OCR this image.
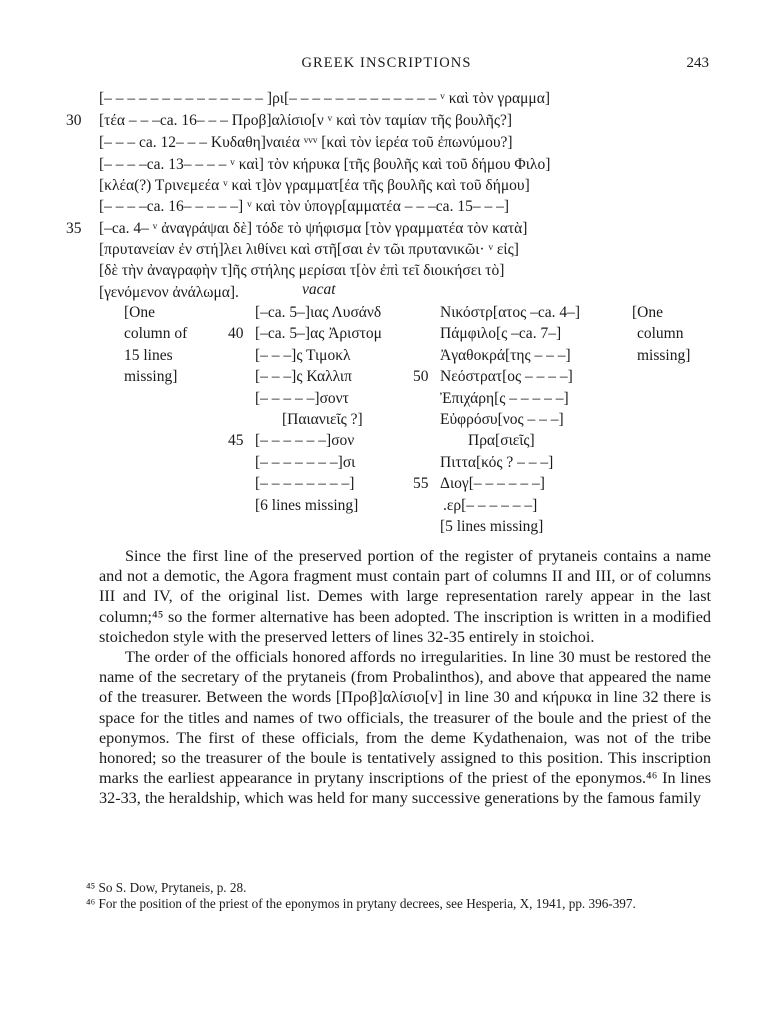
GREEK INSCRIPTIONS	243
[– – – – – – – – – – – – – – ]ρι[– – – – – – – – – – – – – ᵛ καὶ τὸν γραμμα]
30 [τέα – – –ca. 16– – – Προβ]αλίσιο[ν ᵛ καὶ τὸν ταμίαν τῆς βουλῆς?]
[– – – ca. 12– – – Κυδαθη]ναιέα ᵛᵛᵛ [καὶ τὸν ἱερέα τοῦ ἐπωνύμου?]
[– – – –ca. 13– – – – ᵛ καὶ] τὸν κήρυκα [τῆς βουλῆς καὶ τοῦ δήμου Φιλο]
[κλέα(?) Τρινεμεέα ᵛ καὶ τ]ὸν γραμματ[έα τῆς βουλῆς καὶ τοῦ δήμου]
[– – – –ca. 16– – – – –] ᵛ καὶ τὸν ὑπογρ[αμματέα – – –ca. 15– – –]
35 [–ca. 4– ᵛ ἀναγράψαι δὲ] τόδε τὸ ψήφισμα [τὸν γραμματέα τὸν κατὰ]
[πρυτανείαν ἐν στή]λει λιθίνει καὶ στῆ[σαι ἐν τῶι πρυτανικῶι· ᵛ εἰς]
[δὲ τὴν ἀναγραφὴν τ]ῆς στήλης μερίσαι τ[ὸν ἐπὶ τεῖ διοικήσει τὸ]
[γενόμενον ἀνάλωμα].	vacat
[One
column of
15 lines
missing]
40
45
[–ca. 5–]ιας Λυσάνδ
[–ca. 5–]ας Ἀριστομ
[– – –]ς Τιμοκλ
[– – –]ς Καλλιπ
[– – – – –]σοντ
[Παιανιεῖς ?]
[– – – – – –]σον
[– – – – – – –]σι
[– – – – – – – –]
[6 lines missing]
50
55
Νικόστρ[ατος –ca. 4–]
Πάμφιλο[ς –ca. 7–]
Ἀγαθοκρά[της – – –]
Νεόστρατ[ος – – – –]
Ἐπιχάρη[ς – – – – –]
Εὐφρόσυ[νος – – –]
Πρα[σιεῖς]
Πιττα[κός ? – – –]
Διογ[– – – – – –]
.ερ[– – – – – –]
[5 lines missing]
[One
column
missing]

Since the first line of the preserved portion of the register of prytaneis contains a name and not a demotic, the Agora fragment must contain part of columns II and III, or of columns III and IV, of the original list. Demes with large representation rarely appear in the last column;⁴⁵ so the former alternative has been adopted. The inscription is written in a modified stoichedon style with the preserved letters of lines 32-35 entirely in stoichoi.

The order of the officials honored affords no irregularities. In line 30 must be restored the name of the secretary of the prytaneis (from Probalinthos), and above that appeared the name of the treasurer. Between the words [Προβ]αλίσιο[ν] in line 30 and κήρυκα in line 32 there is space for the titles and names of two officials, the treasurer of the boule and the priest of the eponymos. The first of these officials, from the deme Kydathenaion, was not of the tribe honored; so the treasurer of the boule is tentatively assigned to this position. This inscription marks the earliest appearance in prytany inscriptions of the priest of the eponymos.⁴⁶ In lines 32-33, the heraldship, which was held for many successive generations by the famous family

⁴⁵ So S. Dow, Prytaneis, p. 28.

⁴⁶ For the position of the priest of the eponymos in prytany decrees, see Hesperia, X, 1941, pp. 396-397.
